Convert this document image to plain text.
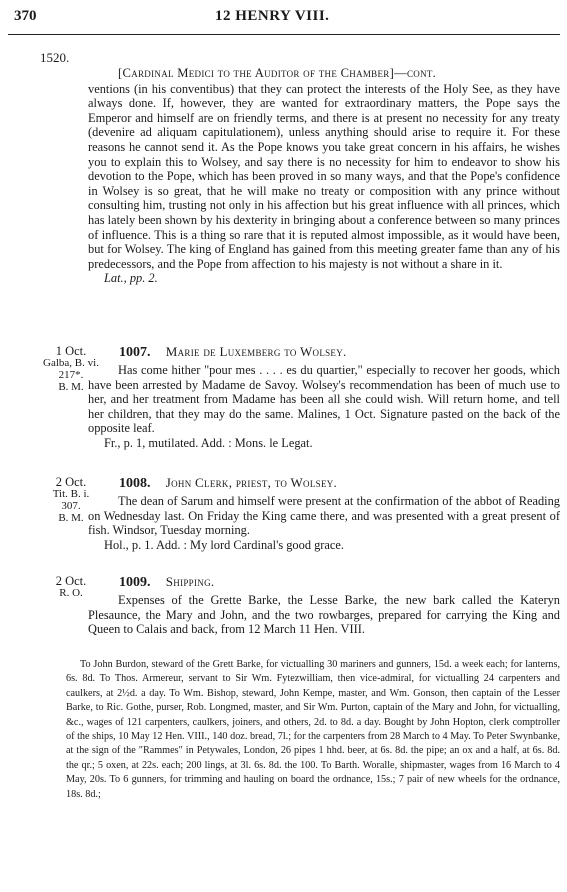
370	12 HENRY VIII.
1520.
[Cardinal Medici to the Auditor of the Chamber]—cont.

ventions (in his conventibus) that they can protect the interests of the Holy See, as they have always done. If, however, they are wanted for extraordinary matters, the Pope says the Emperor and himself are on friendly terms, and there is at present no necessity for any treaty (devenire ad aliquam capitulationem), unless anything should arise to require it. For these reasons he cannot send it. As the Pope knows you take great concern in his affairs, he wishes you to explain this to Wolsey, and say there is no necessity for him to endeavor to show his devotion to the Pope, which has been proved in so many ways, and that the Pope's confidence in Wolsey is so great, that he will make no treaty or composition with any prince without consulting him, trusting not only in his affection but his great influence with all princes, which has lately been shown by his dexterity in bringing about a conference between so many princes of influence. This is a thing so rare that it is reputed almost impossible, as it would have been, but for Wolsey. The king of England has gained from this meeting greater fame than any of his predecessors, and the Pope from affection to his majesty is not without a share in it.

Lat., pp. 2.

1 Oct.
Galba, B. vi.
217*.
B. M.
1007. Marie de Luxemberg to Wolsey.

Has come hither "pour mes . . . . es du quartier," especially to recover her goods, which have been arrested by Madame de Savoy. Wolsey's recommendation has been of much use to her, and her treatment from Madame has been all she could wish. Will return home, and tell her children, that they may do the same. Malines, 1 Oct. Signature pasted on the back of the opposite leaf.

Fr., p. 1, mutilated. Add. : Mons. le Legat.

2 Oct.
Tit. B. i.
307.
B. M.
1008. John Clerk, priest, to Wolsey.

The dean of Sarum and himself were present at the confirmation of the abbot of Reading on Wednesday last. On Friday the King came there, and was presented with a great present of fish. Windsor, Tuesday morning.

Hol., p. 1. Add. : My lord Cardinal's good grace.

2 Oct.
R. O.
1009. Shipping.

Expenses of the Grette Barke, the Lesse Barke, the new bark called the Kateryn Plesaunce, the Mary and John, and the two rowbarges, prepared for carrying the King and Queen to Calais and back, from 12 March 11 Hen. VIII.

To John Burdon, steward of the Grett Barke, for victualling 30 mariners and gunners, 15d. a week each; for lanterns, 6s. 8d. To Thos. Armereur, servant to Sir Wm. Fytezwilliam, then vice-admiral, for victualling 24 carpenters and caulkers, at 2½d. a day. To Wm. Bishop, steward, John Kempe, master, and Wm. Gonson, then captain of the Lesser Barke, to Ric. Gothe, purser, Rob. Longmed, master, and Sir Wm. Purton, captain of the Mary and John, for victualling, &c., wages of 121 carpenters, caulkers, joiners, and others, 2d. to 8d. a day. Bought by John Hopton, clerk comptroller of the ships, 10 May 12 Hen. VIII., 140 doz. bread, 7l.; for the carpenters from 28 March to 4 May. To Peter Swynbanke, at the sign of the "Rammes" in Petywales, London, 26 pipes 1 hhd. beer, at 6s. 8d. the pipe; an ox and a half, at 6s. 8d. the qr.; 5 oxen, at 22s. each; 200 lings, at 3l. 6s. 8d. the 100. To Barth. Woralle, shipmaster, wages from 16 March to 4 May, 20s. To 6 gunners, for trimming and hauling on board the ordnance, 15s.; 7 pair of new wheels for the ordnance, 18s. 8d.;
